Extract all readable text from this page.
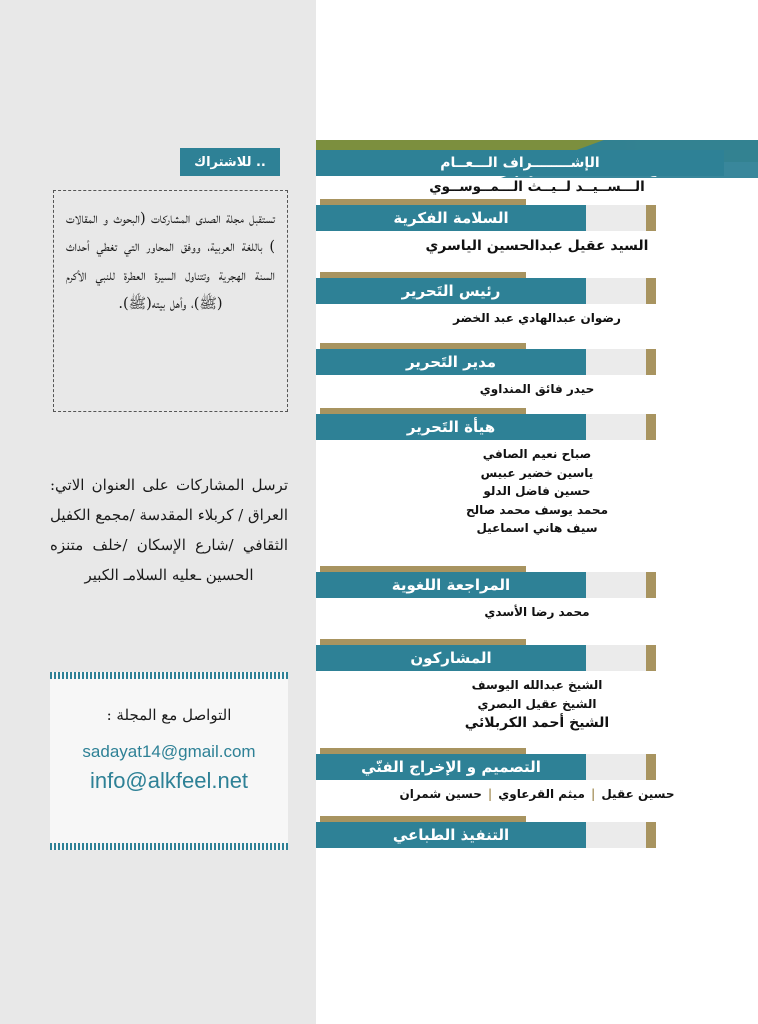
.. للاشتراك

تستقبل مجلة الصدى المشاركات (البحوث و المقالات ) باللغة العربية، ووفق المحاور التي تغطي أحداث السنة الهجرية وتتناول السيرة العطرة للنبي الأكرم (ﷺ)، وأهل بيته(ﷺ).

ترسل المشاركات على العنوان الاتي: العراق / كربلاء المقدسة /مجمع الكفيل الثقافي /شارع الإسكان /خلف متنزه الحسين ـعليه السلامـ الكبير
التواصل مع المجلة :
sadayat14@gmail.com
info@alkfeel.net
الإشــــــــراف الـــعــام
الـــســيــد لــيــث الـــمــوســوي
السلامة الفكرية
السيد عقيل عبدالحسين الياسري
رئيس التَحرير
رضوان عبدالهادي عبد الخضر
مدير التَحرير
حيدر فائق المنداوي
هيأة التَحرير
صباح نعيم الصافي
ياسين خضير عبيس
حسين فاضل الدلو
محمد يوسف محمد صالح
سيف هاني اسماعيل
المراجعة اللغوية
محمد رضا الأسدي
المشاركون
الشيخ عبدالله اليوسف
الشيخ عقيل البصري
الشيخ أحمد الكربلائي
التصميم و الإخراج الفنّي
حسين عقيل|ميثم القرعاوي|حسين شمران
التنفيذ الطباعي
